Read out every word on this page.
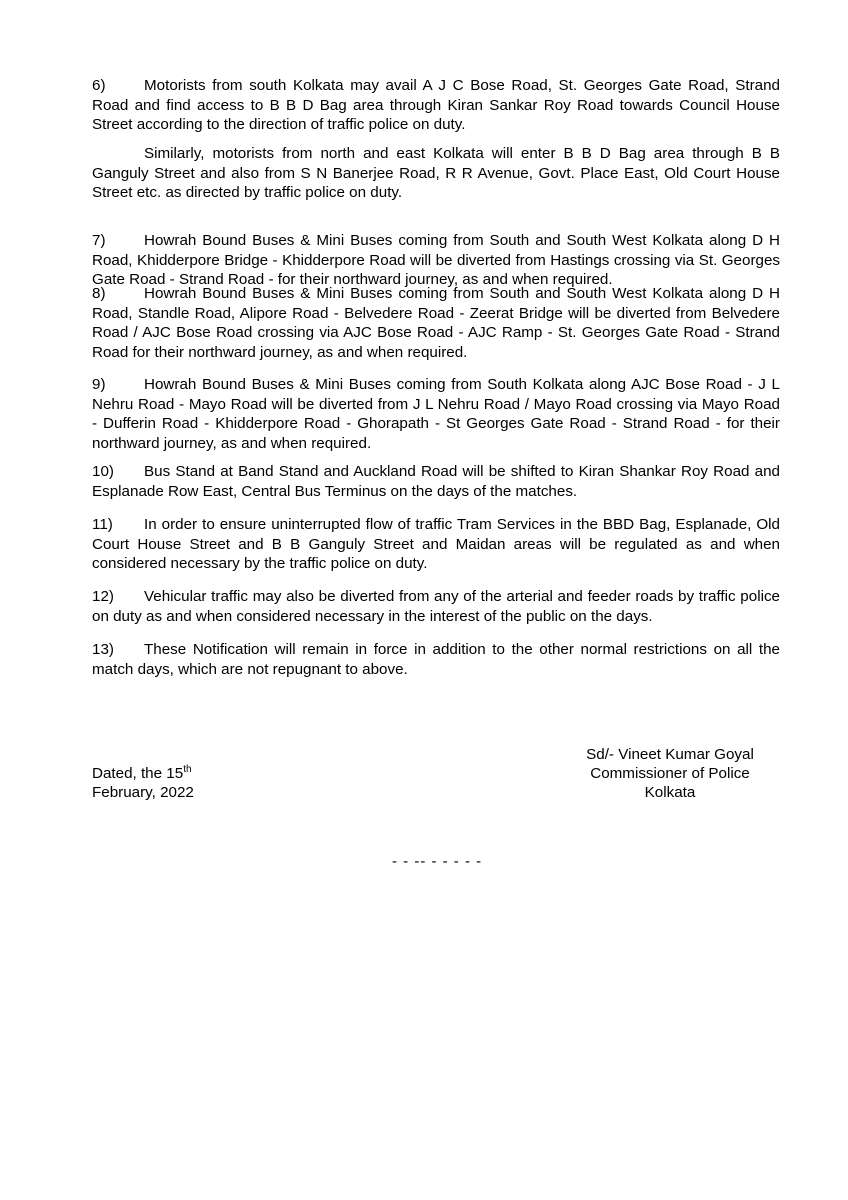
6)	Motorists from south Kolkata may avail A J C Bose Road, St. Georges Gate Road, Strand Road and find access to B B D Bag area through Kiran Sankar Roy Road towards Council House Street according to the direction of traffic police on duty.

Similarly, motorists from north and east Kolkata will enter B B D Bag area through B B Ganguly Street and also from S N Banerjee Road, R R Avenue, Govt. Place East, Old Court House Street etc. as directed by traffic police on duty.

7)	Howrah Bound Buses & Mini Buses coming from South and South West Kolkata along D H Road, Khidderpore Bridge - Khidderpore Road will be diverted from Hastings crossing via St. Georges Gate Road - Strand Road - for their northward journey, as and when required.

8)	Howrah Bound Buses & Mini Buses coming from South and South West Kolkata along D H Road, Standle Road, Alipore Road - Belvedere Road - Zeerat Bridge will be diverted from Belvedere Road / AJC Bose Road crossing via AJC Bose Road - AJC Ramp - St. Georges Gate Road - Strand Road for their northward journey, as and when required.

9)	Howrah Bound Buses & Mini Buses coming from South Kolkata along AJC Bose Road - J L Nehru Road - Mayo Road will be diverted from J L Nehru Road / Mayo Road crossing via Mayo Road - Dufferin Road - Khidderpore Road - Ghorapath - St Georges Gate Road - Strand Road - for their northward journey, as and when required.

10) Bus Stand at Band Stand and Auckland Road will be shifted to Kiran Shankar Roy Road and Esplanade Row East, Central Bus Terminus on the days of the matches.

11) In order to ensure uninterrupted flow of traffic Tram Services in the BBD Bag, Esplanade, Old Court House Street and B B Ganguly Street and Maidan areas will be regulated as and when considered necessary by the traffic police on duty.

12) Vehicular traffic may also be diverted from any of the arterial and feeder roads by traffic police on duty as and when considered necessary in the interest of the public on the days.

13) These Notification will remain in force in addition to the other normal restrictions on all the match days, which are not repugnant to above.

Sd/- Vineet Kumar Goyal
Commissioner of Police
Kolkata
Dated, the 15th
February, 2022
- - -- - - - - -
